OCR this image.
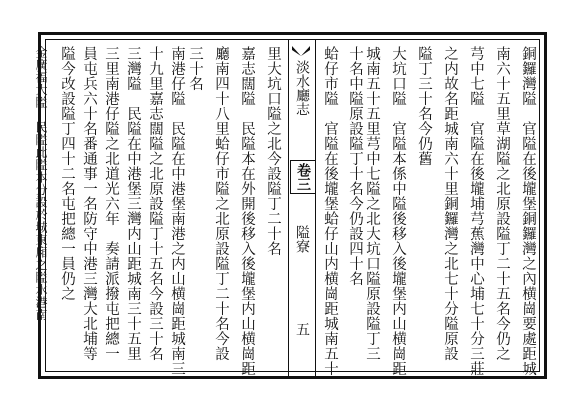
銅鑼灣隘　官隘在後壠堡銅鑼灣之內横崗要處距城
南六十五里草湖隘之北原設隘丁二十五名今仍之
芎中七隘　官隘在後壠埔芎蕉灣中心埔七十分三莊
之内故名距城南六十里銅鑼灣之北七十分隘原設
隘丁三十名今仍舊
大坑口隘　官隘本係中隘後移入後壠堡内山横崗距
城南五十五里芎中七隘之北大坑口隘原設隘丁三
十名中隘原設隘丁十名今仍設四十名
蛤仔市隘　官隘在後壠堡蛤仔山内横崗距城南五十
淡水廳志
卷三
隘寮
五
里大坑口隘之北今設隘丁二十名
嘉志闊隘　民隘本在外開後移入後壠堡内山横崗距
廳南四十八里蛤仔市隘之北原設隘丁二十名今設
三十名
南港仔隘　民隘在中港堡南港之内山横崗距城南三
十九里嘉志闊隘之北原設隘丁十五名今設三十名
三灣隘　民隘在中港堡三灣内山距城南三十五里
三里南港仔隘之北道光六年　奏請派撥屯把總一
員屯兵六十名番通事一名防守中港三灣大北埔等
隘今改設隘丁四十二名屯把總一員仍之
金廣福大隘　民隘此隘本分設於城東廂之隘水港南
